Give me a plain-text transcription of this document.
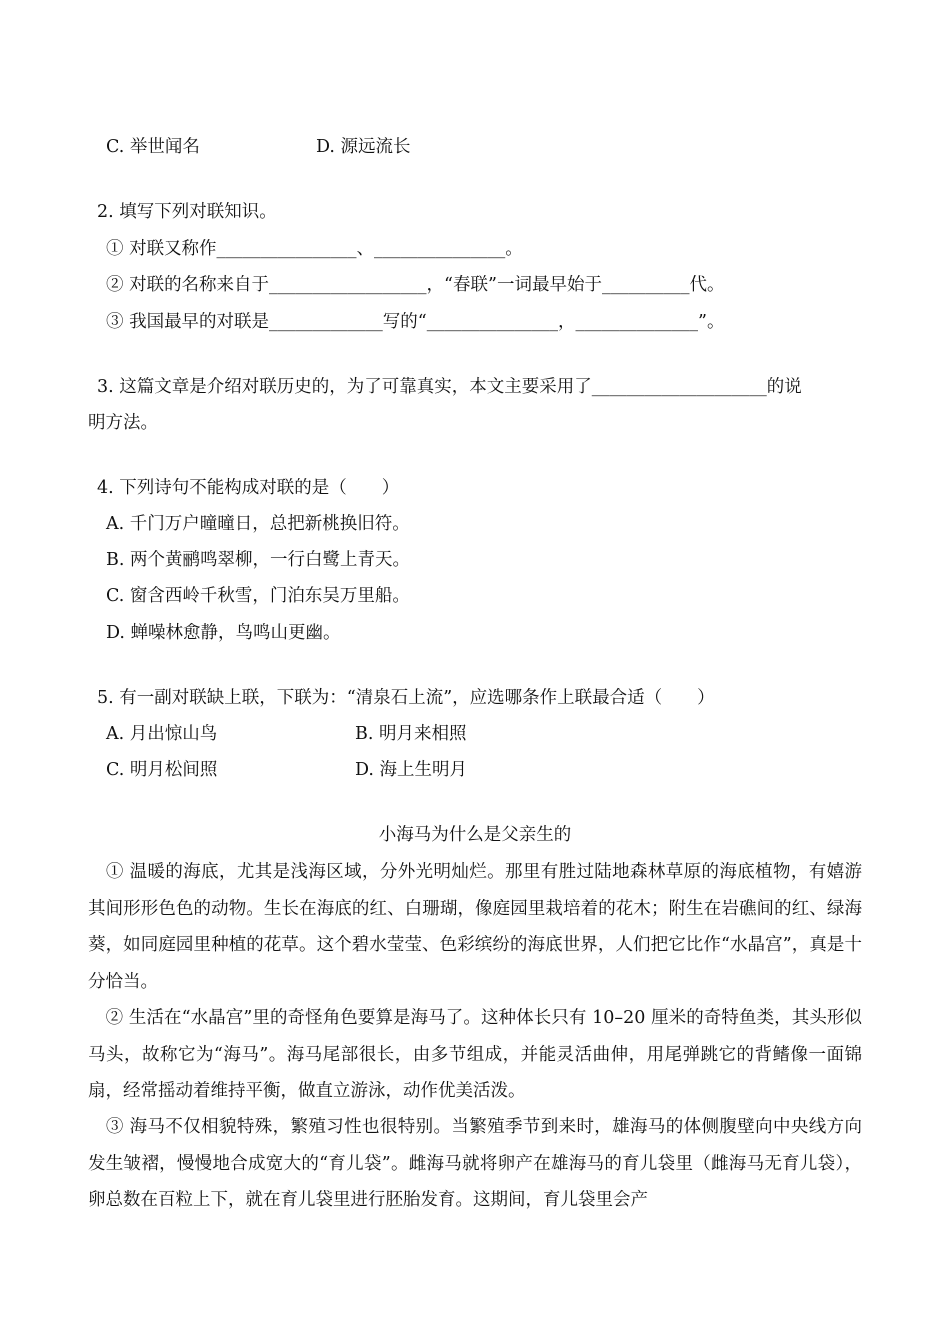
C. 举世闻名	D. 源远流长
2. 填写下列对联知识。
① 对联又称作________________、_______________。
② 对联的名称来自于__________________，“春联”一词最早始于__________代。
③ 我国最早的对联是_____________写的“_______________，______________”。
3. 这篇文章是介绍对联历史的，为了可靠真实，本文主要采用了____________________的说
明方法。
4. 下列诗句不能构成对联的是（　　）
A. 千门万户曈曈日，总把新桃换旧符。
B. 两个黄鹂鸣翠柳，一行白鹭上青天。
C. 窗含西岭千秋雪，门泊东吴万里船。
D. 蝉噪林愈静，鸟鸣山更幽。
5. 有一副对联缺上联，下联为：“清泉石上流”，应选哪条作上联最合适（　　）
A. 月出惊山鸟	B. 明月来相照
C. 明月松间照	D. 海上生明月
小海马为什么是父亲生的
　① 温暖的海底，尤其是浅海区域，分外光明灿烂。那里有胜过陆地森林草原的海底植物，有嬉游其间形形色色的动物。生长在海底的红、白珊瑚，像庭园里栽培着的花木；附生在岩礁间的红、绿海葵，如同庭园里种植的花草。这个碧水莹莹、色彩缤纷的海底世界，人们把它比作“水晶宫”，真是十分恰当。
　② 生活在“水晶宫”里的奇怪角色要算是海马了。这种体长只有 10–20 厘米的奇特鱼类，其头形似马头，故称它为“海马”。海马尾部很长，由多节组成，并能灵活曲伸，用尾弹跳它的背鳍像一面锦扇，经常摇动着维持平衡，做直立游泳，动作优美活泼。
　③ 海马不仅相貌特殊，繁殖习性也很特别。当繁殖季节到来时，雄海马的体侧腹壁向中央线方向发生皱褶，慢慢地合成宽大的“育儿袋”。雌海马就将卵产在雄海马的育儿袋里（雌海马无育儿袋），卵总数在百粒上下，就在育儿袋里进行胚胎发育。这期间，育儿袋里会产
